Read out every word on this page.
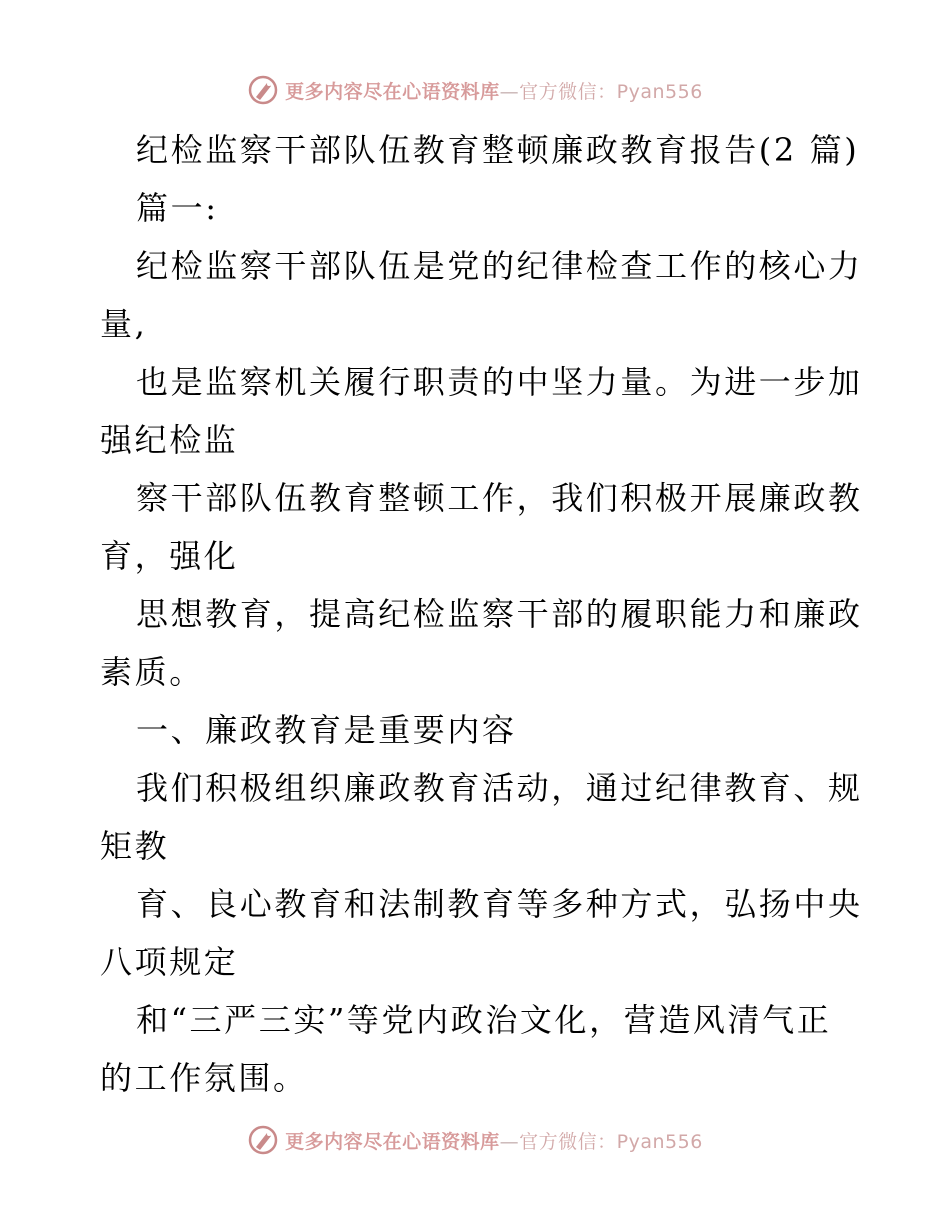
更多内容尽在心语资料库—官方微信：Pyan556
纪检监察干部队伍教育整顿廉政教育报告(2 篇)
篇一:
纪检监察干部队伍是党的纪律检查工作的核心力
量,
也是监察机关履行职责的中坚力量。为进一步加
强纪检监
察干部队伍教育整顿工作，我们积极开展廉政教
育，强化
思想教育，提高纪检监察干部的履职能力和廉政
素质。
一、廉政教育是重要内容
我们积极组织廉政教育活动，通过纪律教育、规
矩教
育、良心教育和法制教育等多种方式，弘扬中央
八项规定
和“三严三实”等党内政治文化，营造风清气正
的工作氛围。
更多内容尽在心语资料库—官方微信：Pyan556
